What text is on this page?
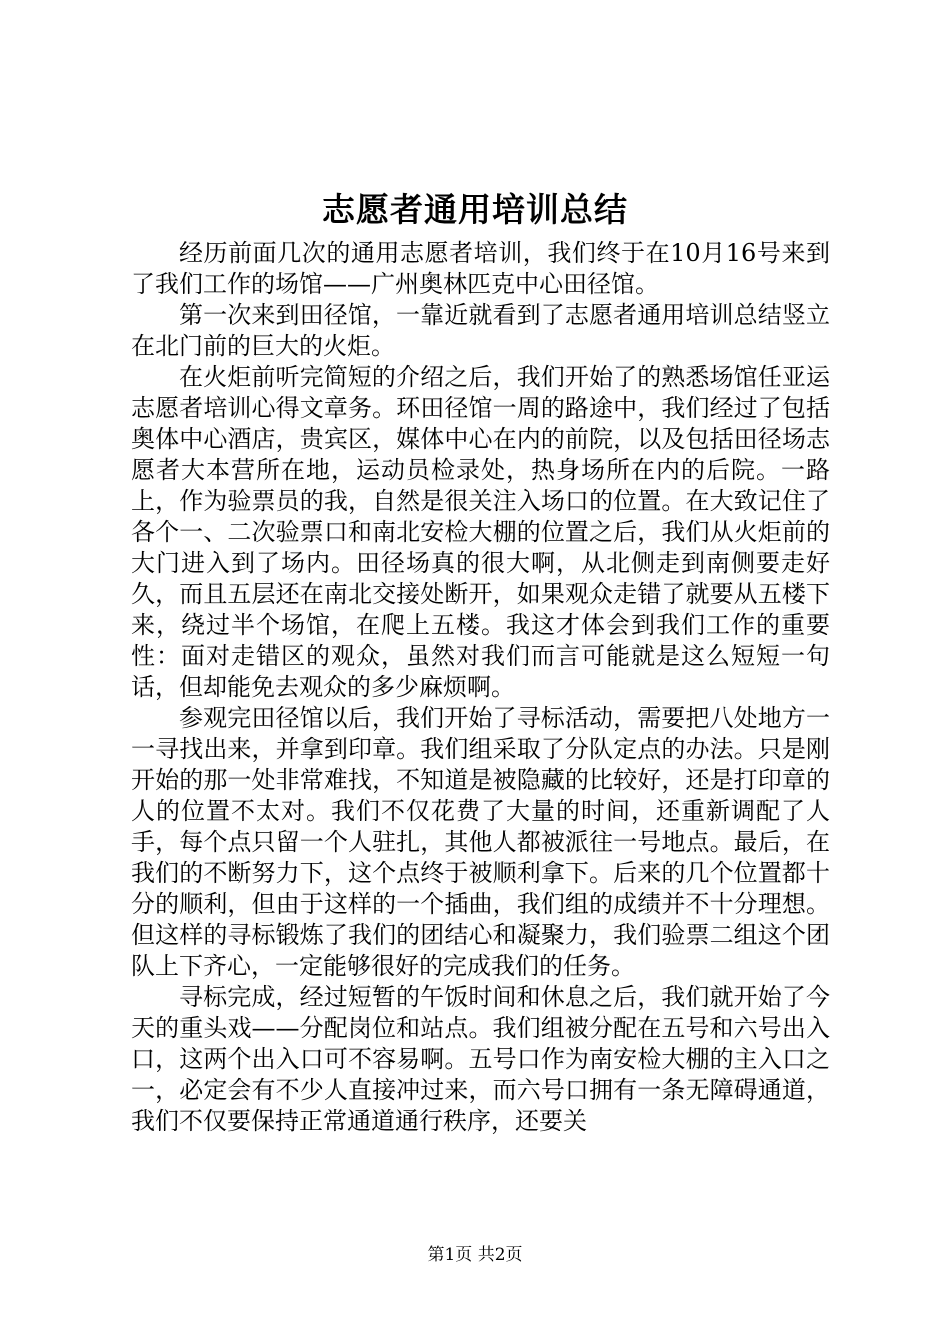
志愿者通用培训总结

经历前面几次的通用志愿者培训，我们终于在10月16号来到了我们工作的场馆——广州奥林匹克中心田径馆。

第一次来到田径馆，一靠近就看到了志愿者通用培训总结竖立在北门前的巨大的火炬。

在火炬前听完简短的介绍之后，我们开始了的熟悉场馆任亚运志愿者培训心得文章务。环田径馆一周的路途中，我们经过了包括奥体中心酒店，贵宾区，媒体中心在内的前院，以及包括田径场志愿者大本营所在地，运动员检录处，热身场所在内的后院。一路上，作为验票员的我，自然是很关注入场口的位置。在大致记住了各个一、二次验票口和南北安检大棚的位置之后，我们从火炬前的大门进入到了场内。田径场真的很大啊，从北侧走到南侧要走好久，而且五层还在南北交接处断开，如果观众走错了就要从五楼下来，绕过半个场馆，在爬上五楼。我这才体会到我们工作的重要性：面对走错区的观众，虽然对我们而言可能就是这么短短一句话，但却能免去观众的多少麻烦啊。

参观完田径馆以后，我们开始了寻标活动，需要把八处地方一一寻找出来，并拿到印章。我们组采取了分队定点的办法。只是刚开始的那一处非常难找，不知道是被隐藏的比较好，还是打印章的人的位置不太对。我们不仅花费了大量的时间，还重新调配了人手，每个点只留一个人驻扎，其他人都被派往一号地点。最后，在我们的不断努力下，这个点终于被顺利拿下。后来的几个位置都十分的顺利，但由于这样的一个插曲，我们组的成绩并不十分理想。但这样的寻标锻炼了我们的团结心和凝聚力，我们验票二组这个团队上下齐心，一定能够很好的完成我们的任务。

寻标完成，经过短暂的午饭时间和休息之后，我们就开始了今天的重头戏——分配岗位和站点。我们组被分配在五号和六号出入口，这两个出入口可不容易啊。五号口作为南安检大棚的主入口之一，必定会有不少人直接冲过来，而六号口拥有一条无障碍通道，我们不仅要保持正常通道通行秩序，还要关

第1页 共2页
